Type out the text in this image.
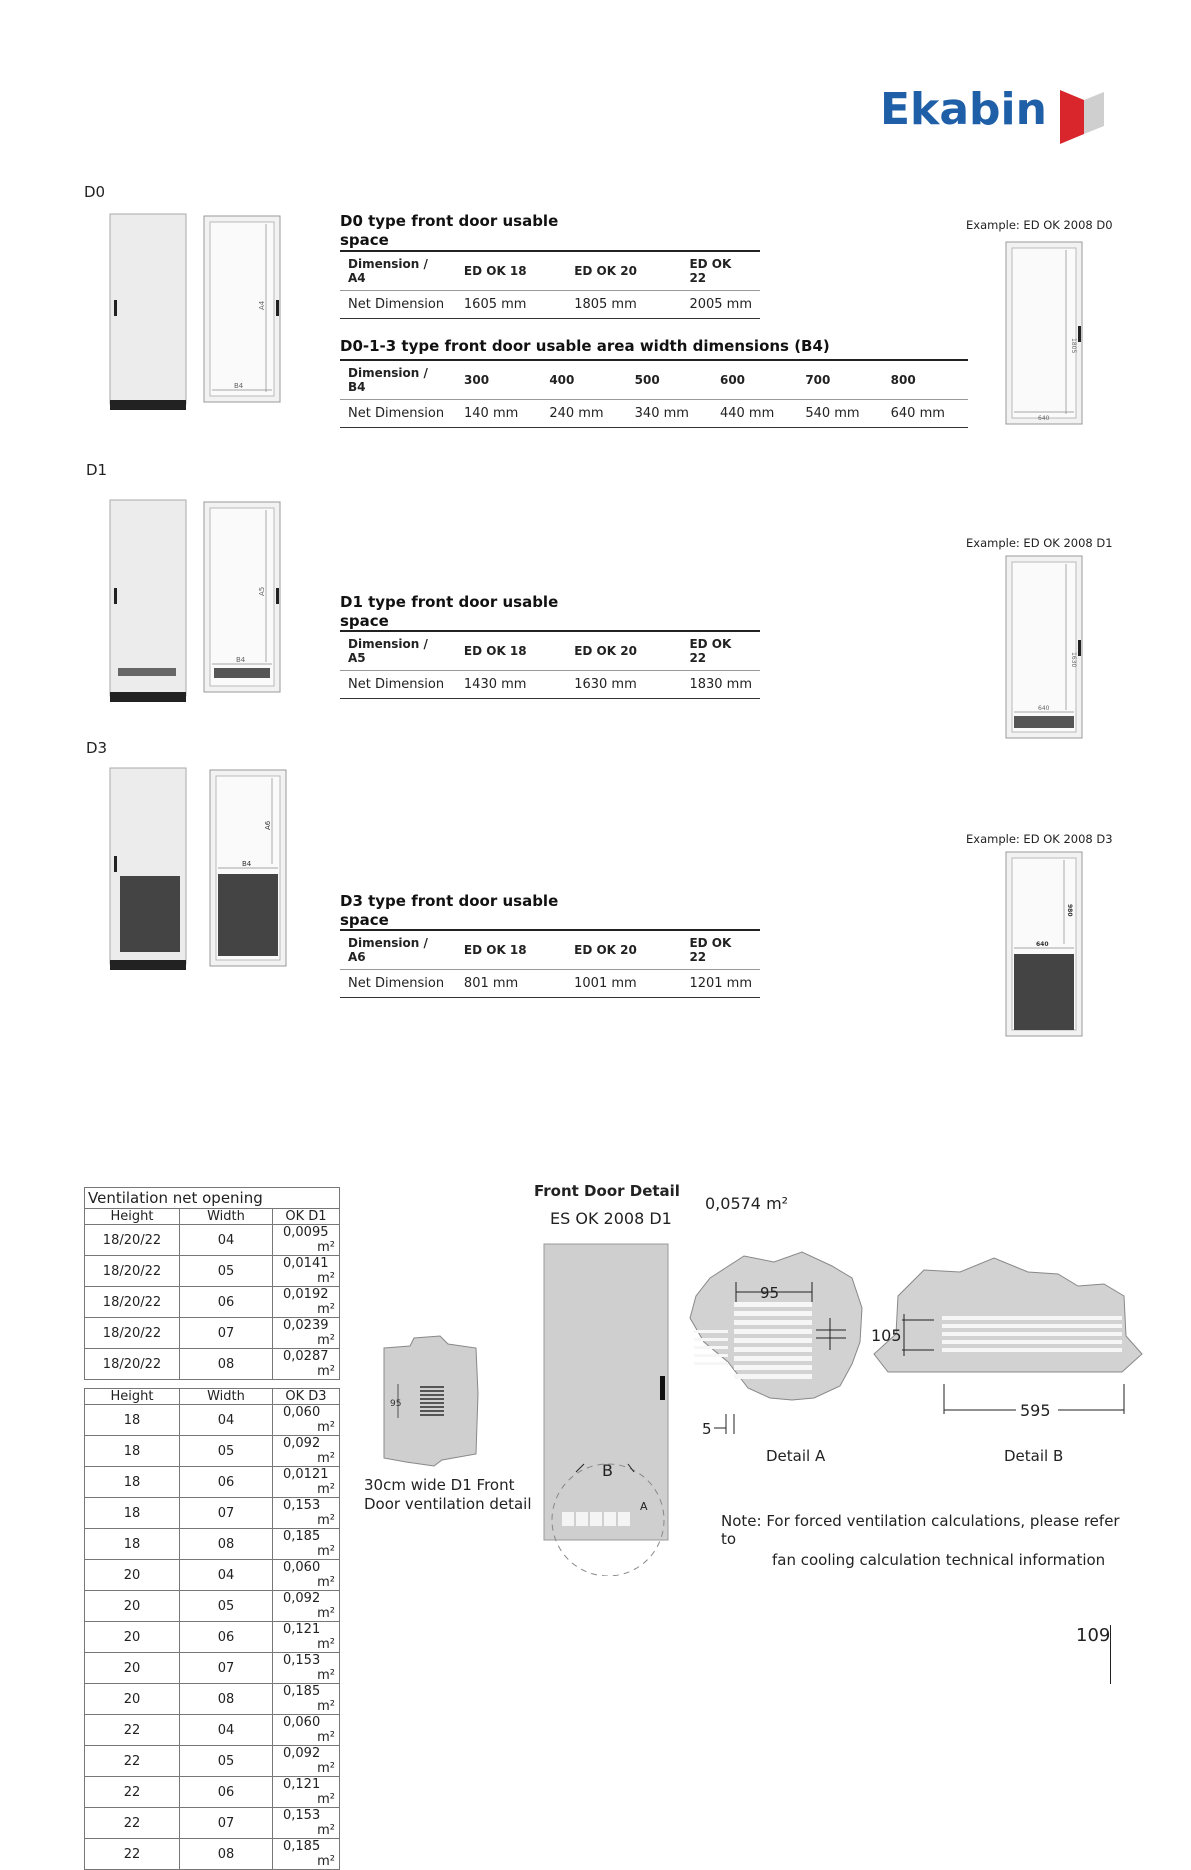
Ekabin
D0
A4
B4
D0 type front door usable space
Dimension / A4	ED OK 18	ED OK 20	ED OK 22
Net Dimension	1605 mm	1805 mm	2005 mm
D0-1-3 type front door usable area width dimensions (B4)
Dimension / B4	300	400	500	600	700	800
Net Dimension	140 mm	240 mm	340 mm	440 mm	540 mm	640 mm
Example: ED OK 2008 D0
1805
640
D1
A5
B4
D1 type front door usable space
Dimension / A5	ED OK 18	ED OK 20	ED OK 22
Net Dimension	1430 mm	1630 mm	1830 mm
Example: ED OK 2008 D1
1630
640
D3
A6
B4
D3 type front door usable space
Dimension / A6	ED OK 18	ED OK 20	ED OK 22
Net Dimension	801 mm	1001 mm	1201 mm
Example: ED OK 2008 D3
980
640
Ventilation net opening
Height	Width	OK D1
18/20/22	04	0,0095
m²

18/20/22	05	0,0141
m²

18/20/22	06	0,0192
m²

18/20/22	07	0,0239
m²

18/20/22	08	0,0287
m²
Height	Width	OK D3
18	04	0,060
m²

18	05	0,092
m²

18	06	0,0121
m²

18	07	0,153
m²

18	08	0,185
m²

20	04	0,060
m²

20	05	0,092
m²

20	06	0,121
m²

20	07	0,153
m²

20	08	0,185
m²

22	04	0,060
m²

22	05	0,092
m²

22	06	0,121
m²

22	07	0,153
m²

22	08	0,185
m²
95
30cm wide D1 Front Door ventilation detail
Front Door Detail
ES OK 2008 D1
0,0574 m²
B
A
95
5
Detail A
595
105
Detail B
Note: For forced ventilation calculations, please refer to
fan cooling calculation technical information
109
